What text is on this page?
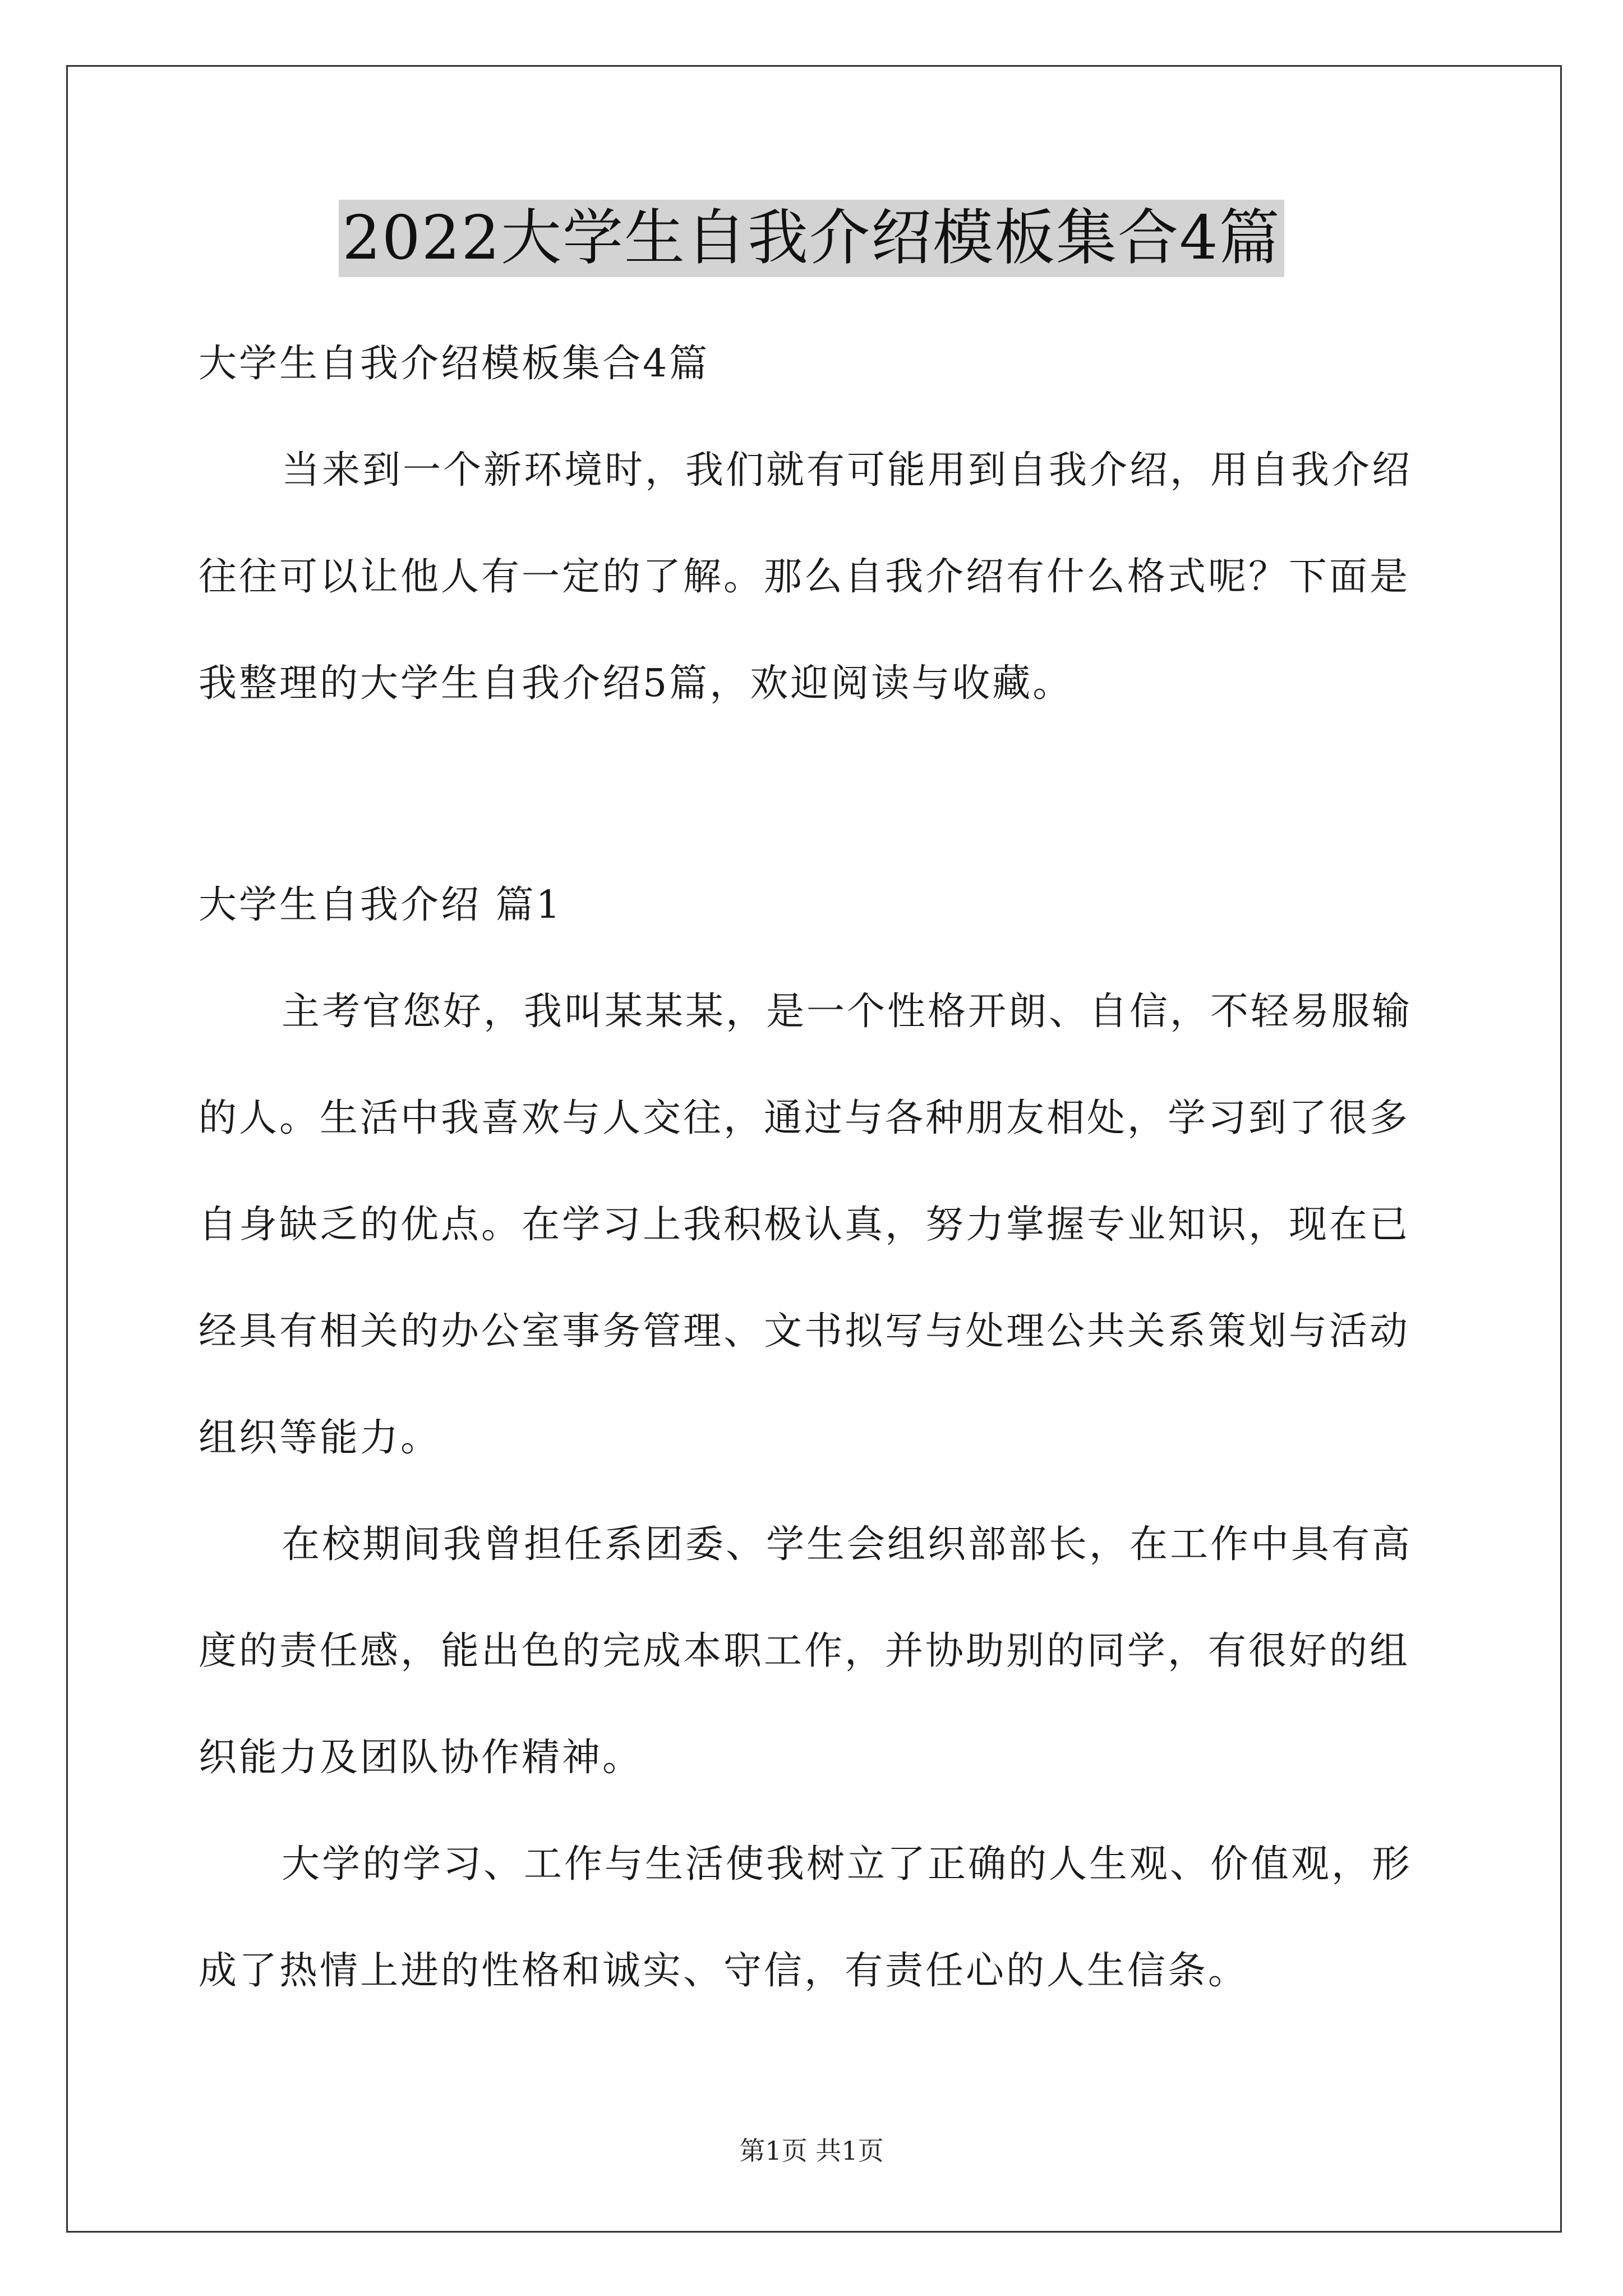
2022大学生自我介绍模板集合4篇

大学生自我介绍模板集合4篇

当来到一个新环境时，我们就有可能用到自我介绍，用自我介绍

往往可以让他人有一定的了解。那么自我介绍有什么格式呢？下面是

我整理的大学生自我介绍5篇，欢迎阅读与收藏。

大学生自我介绍 篇1

主考官您好，我叫某某某，是一个性格开朗、自信，不轻易服输

的人。生活中我喜欢与人交往，通过与各种朋友相处，学习到了很多

自身缺乏的优点。在学习上我积极认真，努力掌握专业知识，现在已

经具有相关的办公室事务管理、文书拟写与处理公共关系策划与活动

组织等能力。

在校期间我曾担任系团委、学生会组织部部长，在工作中具有高

度的责任感，能出色的完成本职工作，并协助别的同学，有很好的组

织能力及团队协作精神。

大学的学习、工作与生活使我树立了正确的人生观、价值观，形

成了热情上进的性格和诚实、守信，有责任心的人生信条。

第1页 共1页
